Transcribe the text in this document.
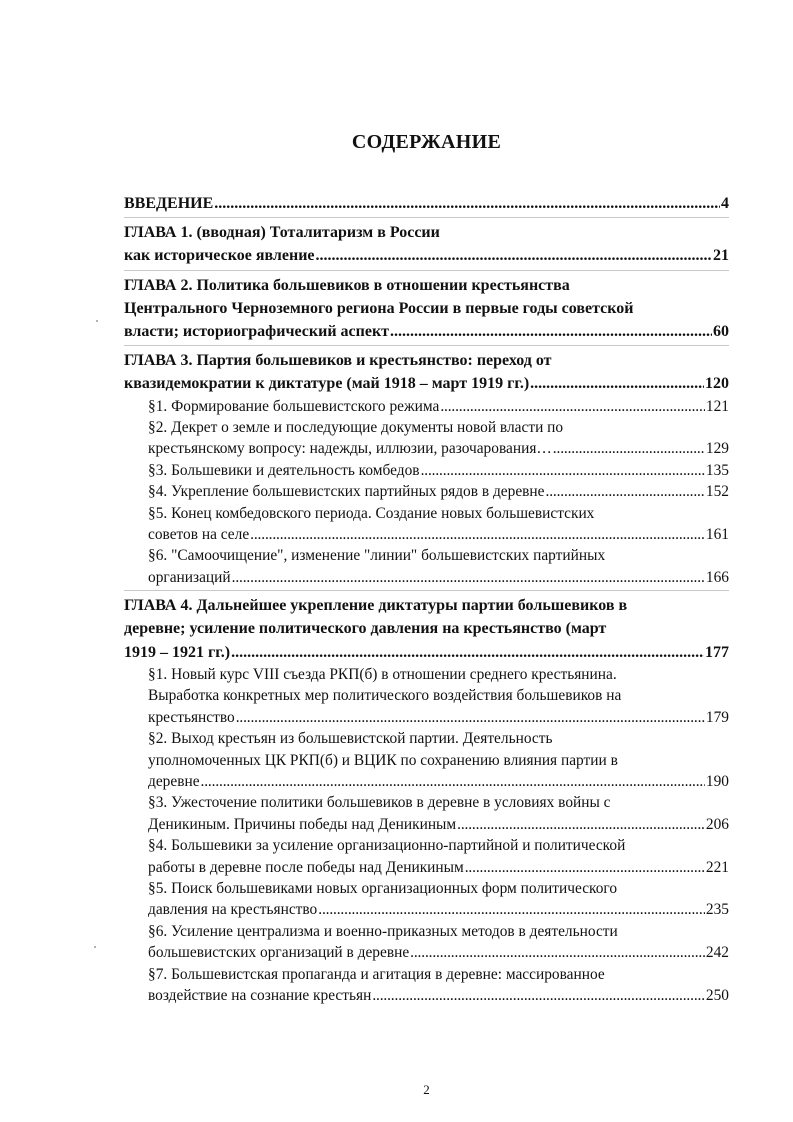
СОДЕРЖАНИЕ
ВВЕДЕНИЕ . . .	4
ГЛАВА 1. (вводная) Тоталитаризм в России
как историческое явление . . .	21
ГЛАВА 2. Политика большевиков в отношении крестьянства
Центрального Черноземного региона России в первые годы советской
власти; историографический аспект . . .	60
ГЛАВА 3. Партия большевиков и крестьянство: переход от
квазидемократии к диктатуре (май 1918 – март 1919 гг.) . . .	120
§1. Формирование большевистского режима . . .	121
§2. Декрет о земле и последующие документы новой власти по
крестьянскому вопросу: надежды, иллюзии, разочарования… . . .	129
§3. Большевики и деятельность комбедов . . .	135
§4. Укрепление большевистских партийных рядов в деревне . . .	152
§5. Конец комбедовского периода. Создание новых большевистских
советов на селе . . .	161
§6. "Самоочищение", изменение "линии" большевистских партийных
организаций . . .	166
ГЛАВА 4. Дальнейшее укрепление диктатуры партии большевиков в
деревне; усиление политического давления на крестьянство (март
1919 – 1921 гг.) . . .	177
§1. Новый курс VIII съезда РКП(б) в отношении среднего крестьянина.
Выработка конкретных мер политического воздействия большевиков на
крестьянство . . .	179
§2. Выход крестьян из большевистской партии. Деятельность
уполномоченных ЦК РКП(б) и ВЦИК по сохранению влияния партии в
деревне . . .	190
§3. Ужесточение политики большевиков в деревне в условиях войны с
Деникиным. Причины победы над Деникиным . . .	206
§4. Большевики за усиление организационно-партийной и политической
работы в деревне после победы над Деникиным . . .	221
§5. Поиск большевиками новых организационных форм политического
давления на крестьянство . . .	235
§6. Усиление централизма и военно-приказных методов в деятельности
большевистских организаций в деревне . . .	242
§7. Большевистская пропаганда и агитация в деревне: массированное
воздействие на сознание крестьян . . .	250
2
